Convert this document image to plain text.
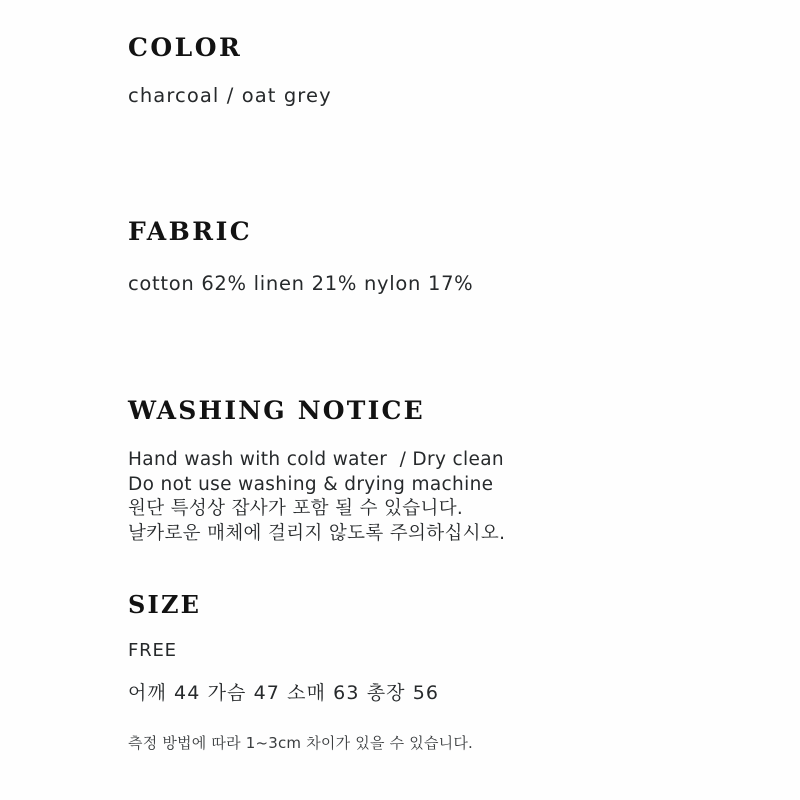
COLOR

charcoal / oat grey

FABRIC

cotton 62% linen 21% nylon 17%

WASHING NOTICE
Hand wash with cold water  / Dry clean
Do not use washing & drying machine
원단 특성상 잡사가 포함 될 수 있습니다.
날카로운 매체에 걸리지 않도록 주의하십시오.
SIZE
FREE
어깨 44 가슴 47 소매 63 총장 56
측정 방법에 따라 1~3cm 차이가 있을 수 있습니다.
